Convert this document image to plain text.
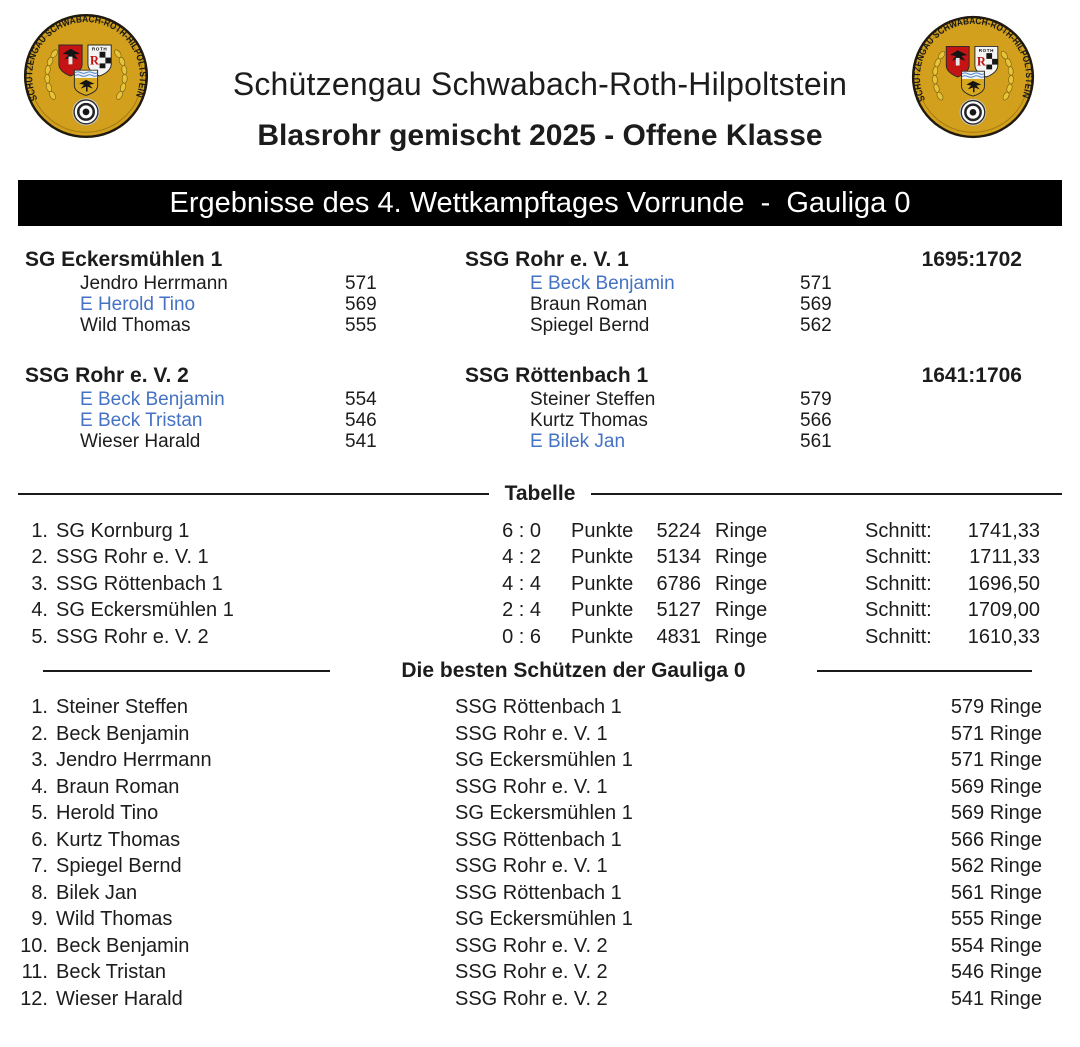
SCHÜTZENGAU SCHWABACH-ROTH-HILPOLTSTEIN
ROTH
R
SCHÜTZENGAU SCHWABACH-ROTH-HILPOLTSTEIN
ROTH
R
Schützengau Schwabach-Roth-Hilpoltstein
Blasrohr gemischt 2025 - Offene Klasse
Ergebnisse des 4. Wettkampftages Vorrunde  -  Gauliga 0
SG Eckersmühlen 1	SSG Rohr e. V. 1	1695:1702
Jendro Herrmann	571
E Herold Tino	569
Wild Thomas	555
E Beck Benjamin	571
Braun Roman	569
Spiegel Bernd	562
SSG Rohr e. V. 2	SSG Röttenbach 1	1641:1706
E Beck Benjamin	554
E Beck Tristan	546
Wieser Harald	541
Steiner Steffen	579
Kurtz Thomas	566
E Bilek Jan	561
Tabelle
1. SG Kornburg 1	6 : 0	Punkte	5224 Ringe	Schnitt:	1741,33
2. SSG Rohr e. V. 1	4 : 2	Punkte	5134 Ringe	Schnitt:	1711,33
3. SSG Röttenbach 1	4 : 4	Punkte	6786 Ringe	Schnitt:	1696,50
4. SG Eckersmühlen 1	2 : 4	Punkte	5127 Ringe	Schnitt:	1709,00
5. SSG Rohr e. V. 2	0 : 6	Punkte	4831 Ringe	Schnitt:	1610,33
Die besten Schützen der Gauliga 0
1. Steiner Steffen	SSG Röttenbach 1	579 Ringe
2. Beck Benjamin	SSG Rohr e. V. 1	571 Ringe
3. Jendro Herrmann	SG Eckersmühlen 1	571 Ringe
4. Braun Roman	SSG Rohr e. V. 1	569 Ringe
5. Herold Tino	SG Eckersmühlen 1	569 Ringe
6. Kurtz Thomas	SSG Röttenbach 1	566 Ringe
7. Spiegel Bernd	SSG Rohr e. V. 1	562 Ringe
8. Bilek Jan	SSG Röttenbach 1	561 Ringe
9. Wild Thomas	SG Eckersmühlen 1	555 Ringe
10. Beck Benjamin	SSG Rohr e. V. 2	554 Ringe
11. Beck Tristan	SSG Rohr e. V. 2	546 Ringe
12. Wieser Harald	SSG Rohr e. V. 2	541 Ringe
